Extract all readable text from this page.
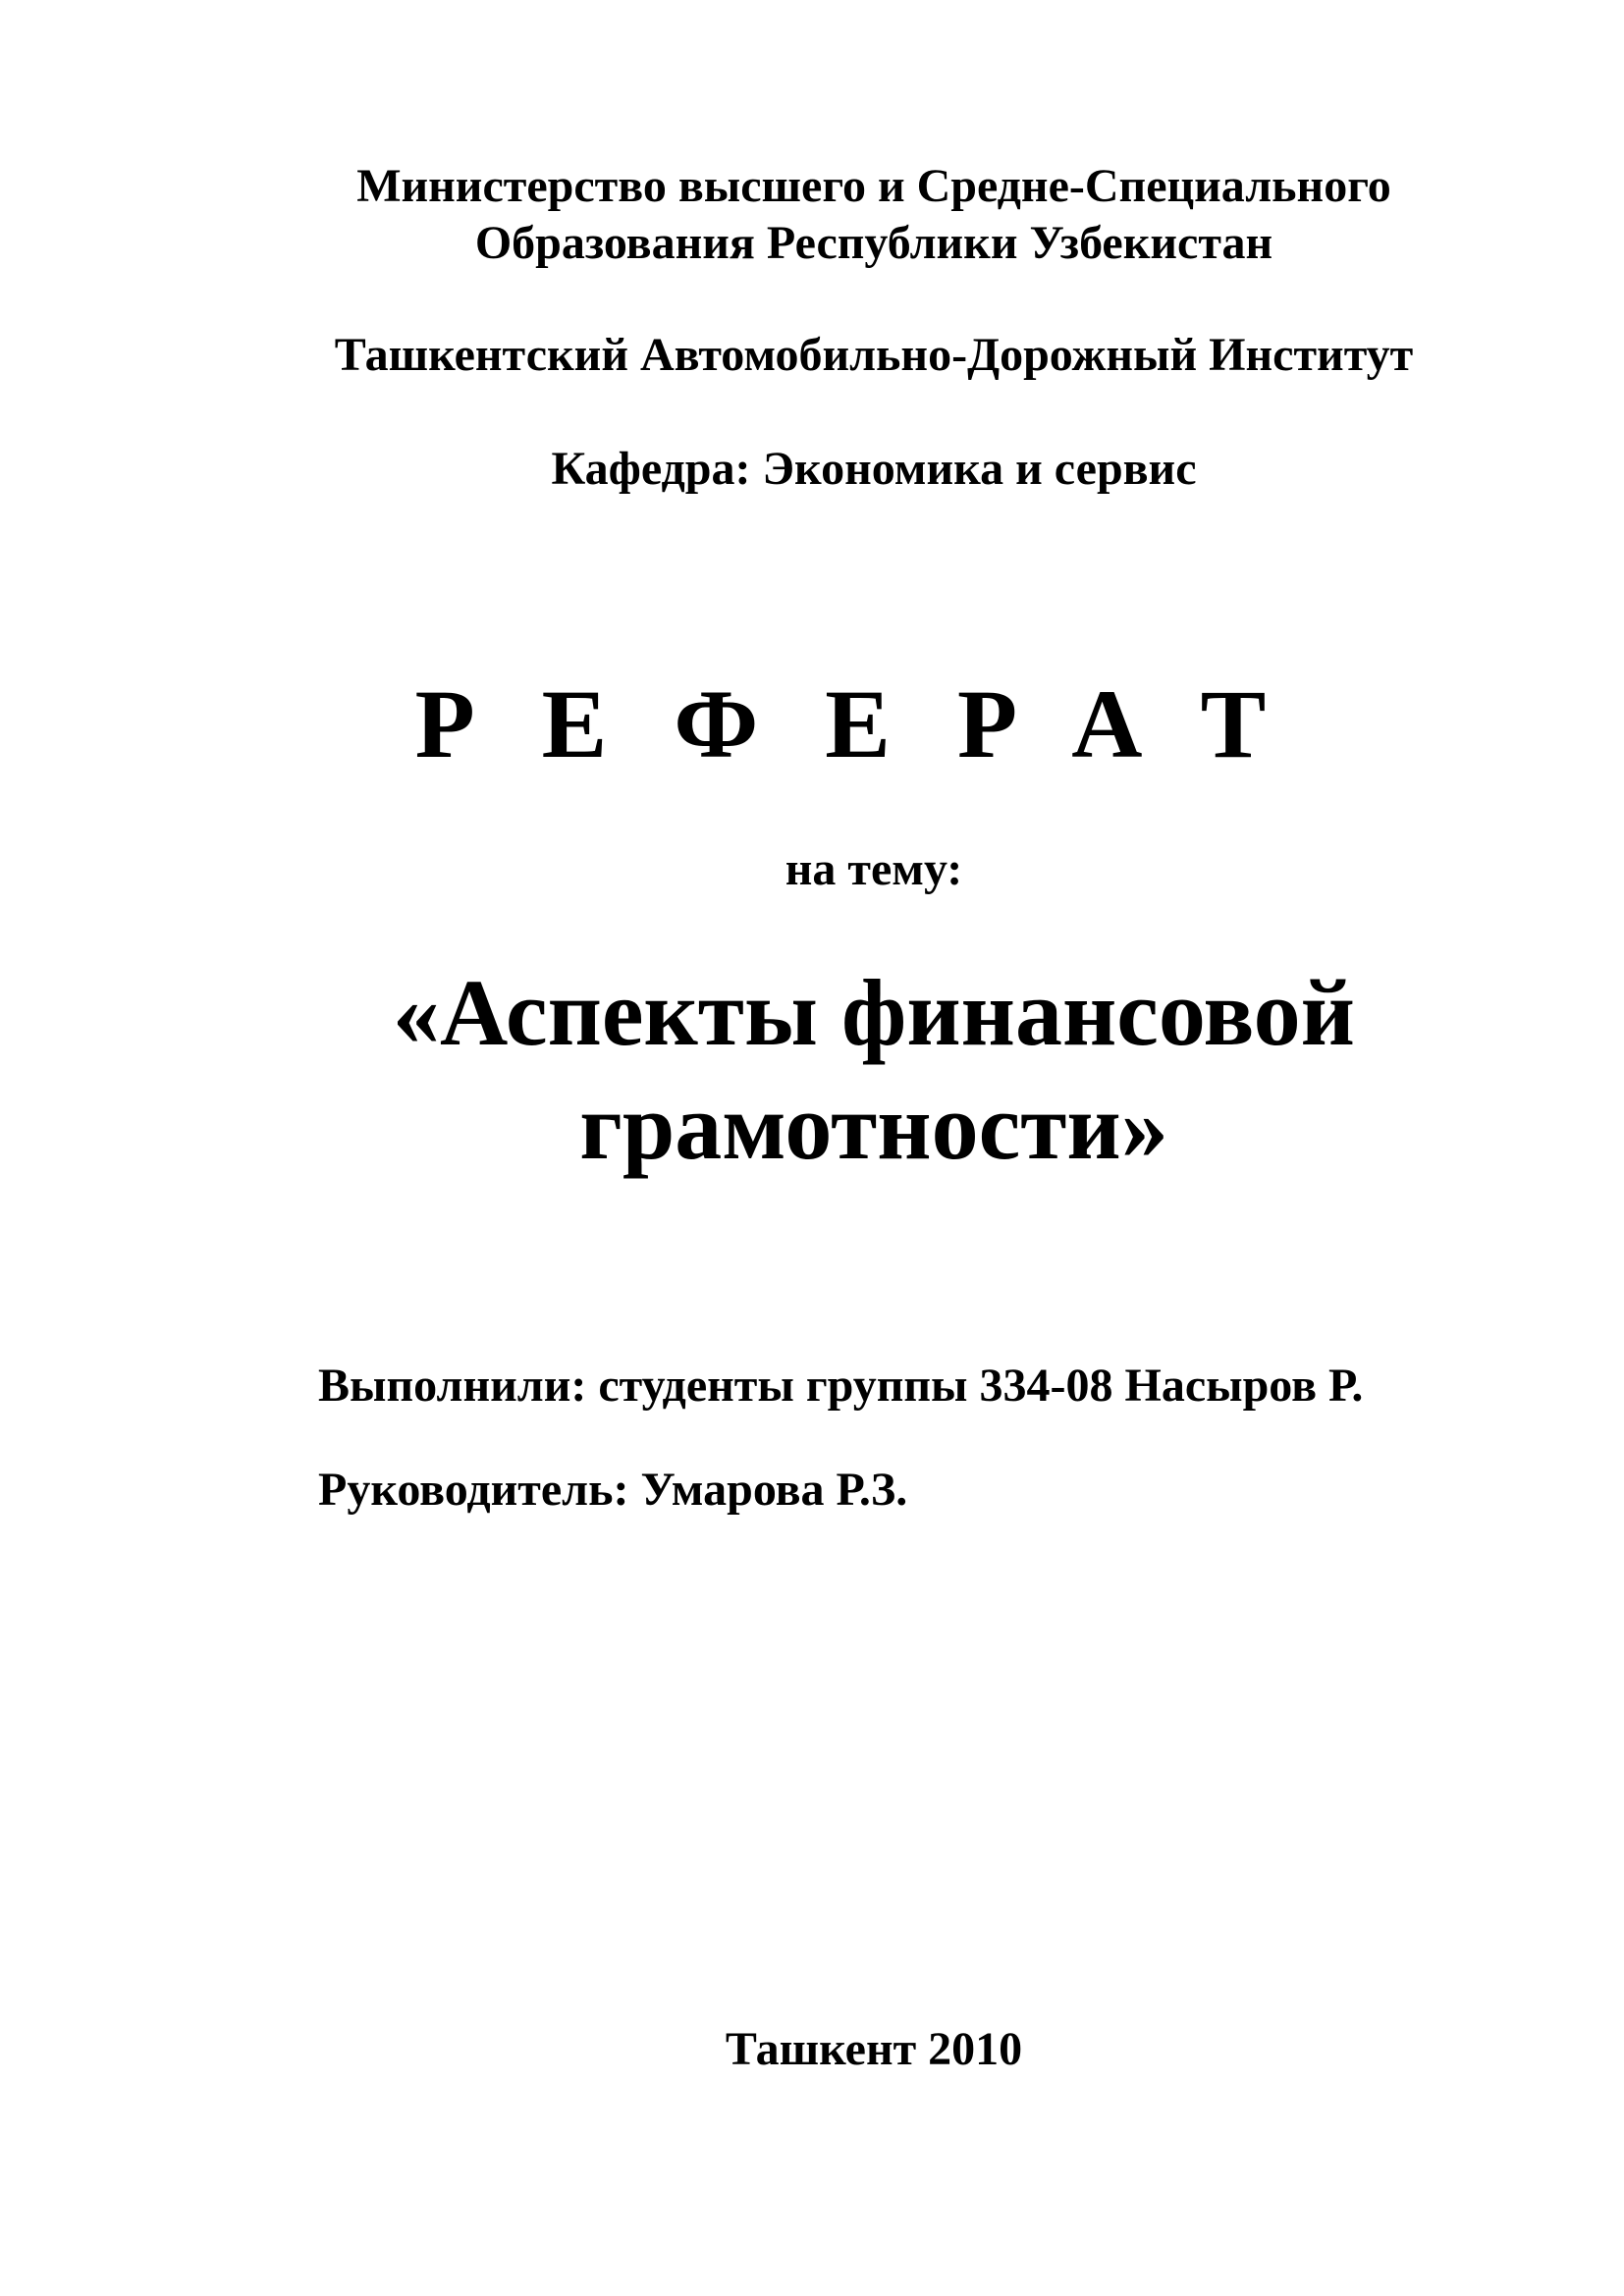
Министерство высшего и Средне-Специального
Образования Республики Узбекистан
Ташкентский Автомобильно-Дорожный Институт
Кафедра: Экономика и сервис
РЕФЕРАТ
на тему:
«Аспекты финансовой
грамотности»
Выполнили: студенты группы 334-08 Насыров Р.
Руководитель: Умарова Р.З.
Ташкент 2010
